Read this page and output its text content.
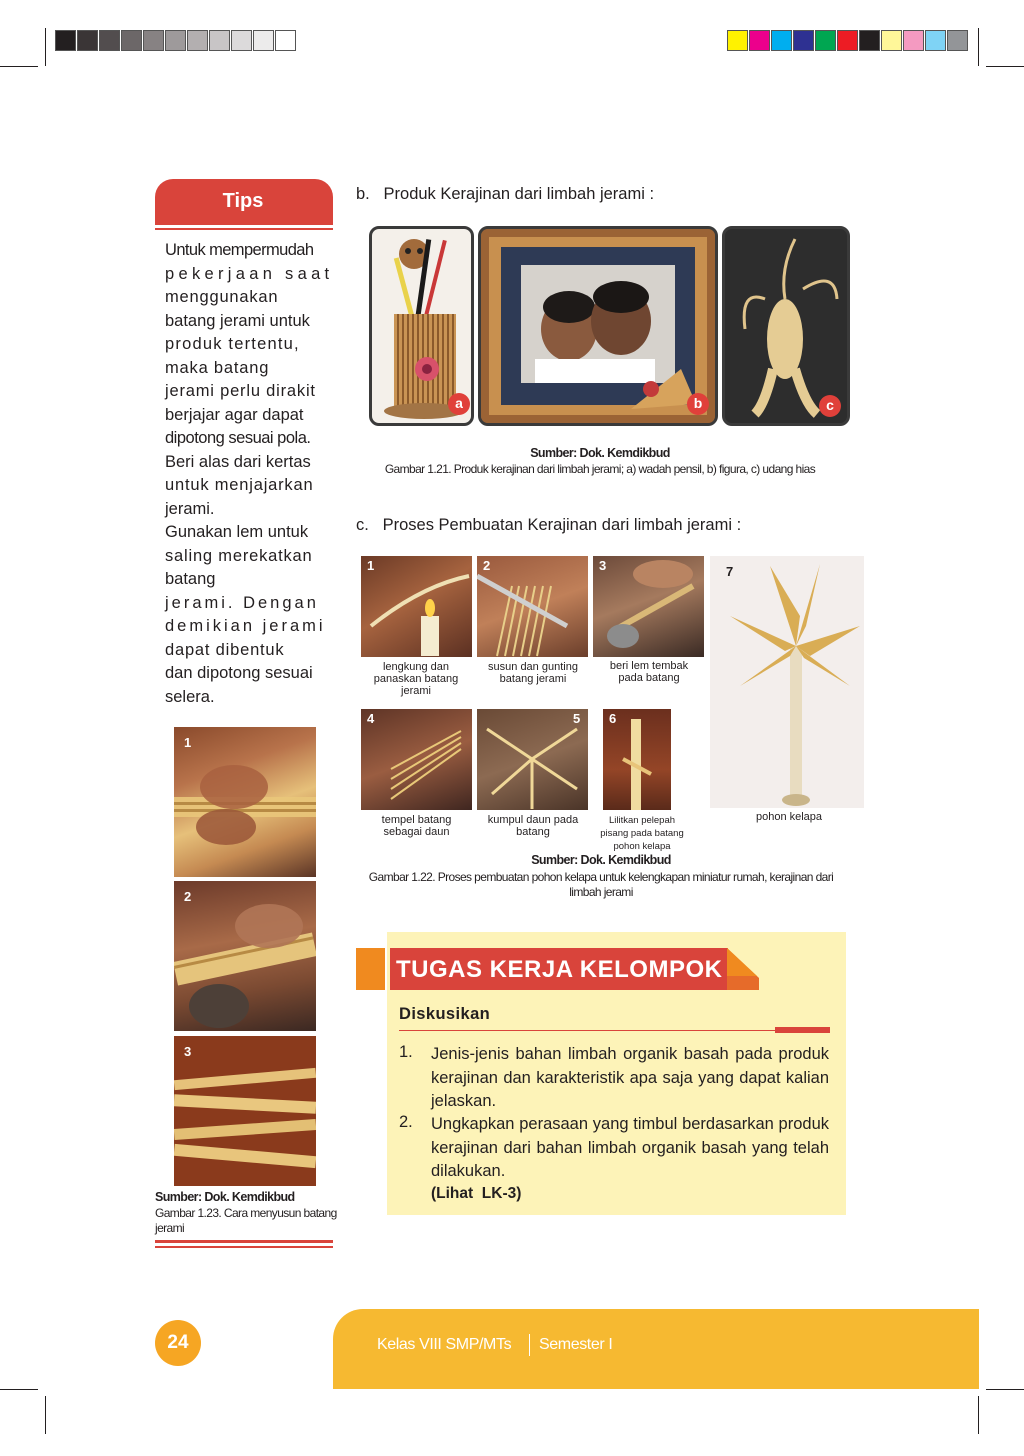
Tips
Untuk mempermudah
pekerjaan saat
menggunakan
batang jerami untuk
produk tertentu,
maka batang
jerami perlu dirakit
berjajar agar dapat
dipotong sesuai pola.
Beri alas dari kertas
untuk menjajarkan
jerami.
Gunakan lem untuk
saling merekatkan
batang
jerami. Dengan
demikian jerami
dapat dibentuk
dan dipotong sesuai
selera.
1
2
3
Sumber: Dok. Kemdikbud
Gambar 1.23. Cara menyusun batang jerami
b.   Produk Kerajinan dari limbah jerami :
a	b	c
Sumber: Dok. Kemdikbud
Gambar 1.21. Produk kerajinan dari limbah jerami; a) wadah pensil, b) figura, c) udang hias
c.   Proses Pembuatan Kerajinan dari limbah jerami :
1	2	3
lengkung dan panaskan batang jerami
susun dan gunting batang jerami
beri lem tembak pada batang
4	5 6
tempel batang sebagai daun
kumpul daun pada batang
Lilitkan pelepah pisang pada batang pohon kelapa
7
pohon kelapa
Sumber: Dok. Kemdikbud
Gambar 1.22. Proses pembuatan pohon kelapa untuk kelengkapan miniatur rumah, kerajinan dari limbah jerami
TUGAS KERJA KELOMPOK
Diskusikan
1. Jenis-jenis bahan limbah organik basah pada produk kerajinan dan karakteristik apa saja yang dapat kalian jelaskan.
2. Ungkapkan perasaan yang timbul berdasarkan produk kerajinan dari bahan limbah organik basah yang telah dilakukan.
(Lihat  LK-3)
24	Kelas VIII SMP/MTs Semester I
